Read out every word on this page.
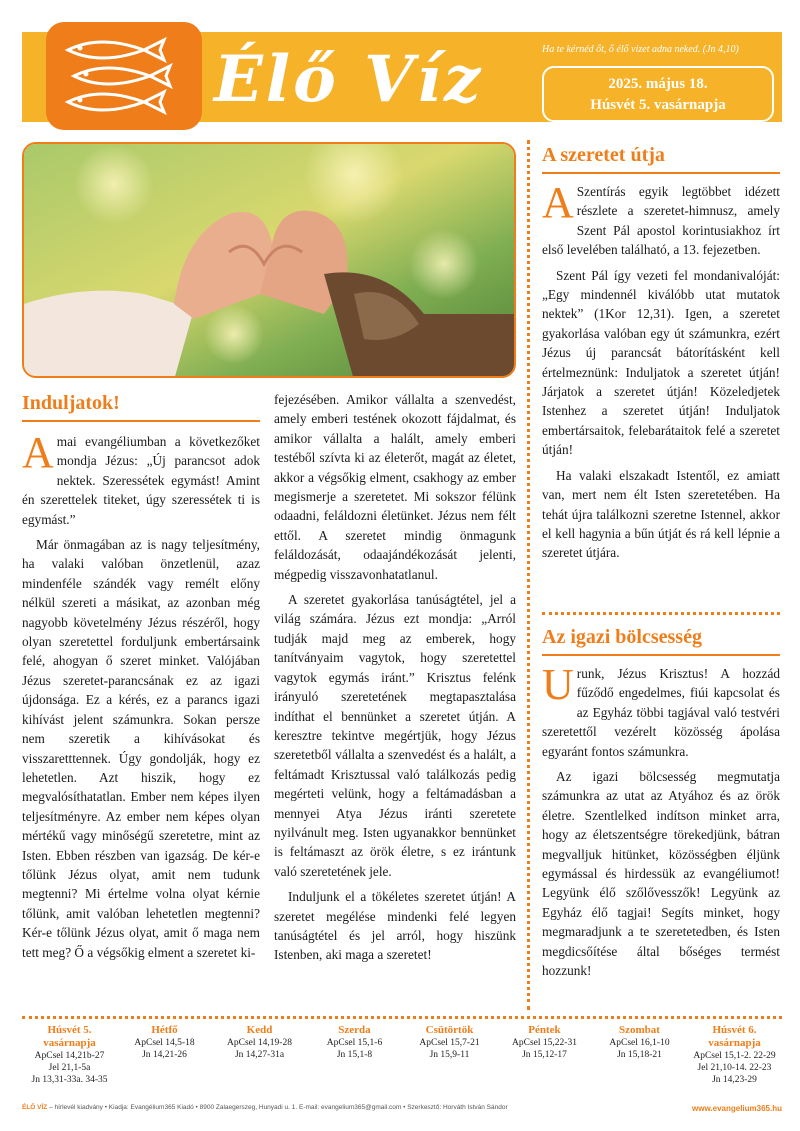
Élő Víz	Ha te kérnéd őt, ő élő vizet adna neked. (Jn 4,10)
2025. május 18.
Húsvét 5. vasárnapja
Induljatok!

Amai evangéliumban a következőket mondja Jézus: „Új parancsot adok nektek. Szeressétek egymást! Amint én szerettelek titeket, úgy szeressétek ti is egymást.”

Már önmagában az is nagy teljesítmény, ha valaki valóban önzetlenül, azaz mindenféle szándék vagy remélt előny nélkül szereti a másikat, az azonban még nagyobb követelmény Jézus részéről, hogy olyan szeretettel forduljunk embertársaink felé, ahogyan ő szeret minket. Valójában Jézus szeretet-parancsának ez az igazi újdonsága. Ez a kérés, ez a parancs igazi kihívást jelent számunkra. Sokan persze nem szeretik a kihívásokat és visszaretttennek. Úgy gondolják, hogy ez lehetetlen. Azt hiszik, hogy ez megvalósíthatatlan. Ember nem képes ilyen teljesítményre. Az ember nem képes olyan mértékű vagy minőségű szeretetre, mint az Isten. Ebben részben van igazság. De kér-e tőlünk Jézus olyat, amit nem tudunk megtenni? Mi értelme volna olyat kérnie tőlünk, amit valóban lehetetlen megtenni? Kér-e tőlünk Jézus olyat, amit ő maga nem tett meg? Ő a végsőkig elment a szeretet ki-

fejezésében. Amikor vállalta a szenvedést, amely emberi testének okozott fájdalmat, és amikor vállalta a halált, amely emberi testéből szívta ki az életerőt, magát az életet, akkor a végsőkig elment, csakhogy az ember megismerje a szeretetet. Mi sokszor félünk odaadni, feláldozni életünket. Jézus nem félt ettől. A szeretet mindig önmagunk feláldozását, odaajándékozását jelenti, mégpedig visszavonhatatlanul.

A szeretet gyakorlása tanúságtétel, jel a világ számára. Jézus ezt mondja: „Arról tudják majd meg az emberek, hogy tanítványaim vagytok, hogy szeretettel vagytok egymás iránt.” Krisztus felénk irányuló szeretetének megtapasztalása indíthat el bennünket a szeretet útján. A keresztre tekintve megértjük, hogy Jézus szeretetből vállalta a szenvedést és a halált, a feltámadt Krisztussal való találkozás pedig megérteti velünk, hogy a feltámadásban a mennyei Atya Jézus iránti szeretete nyilvánult meg. Isten ugyanakkor bennünket is feltámaszt az örök életre, s ez irántunk való szeretetének jele.

Induljunk el a tökéletes szeretet útján! A szeretet megélése mindenki felé legyen tanúságtétel és jel arról, hogy hiszünk Istenben, aki maga a szeretet!

A szeretet útja

ASzentírás egyik legtöbbet idézett részlete a szeretet-himnusz, amely Szent Pál apostol korintusiakhoz írt első levelében található, a 13. fejezetben.

Szent Pál így vezeti fel mondanivalóját: „Egy mindennél kiválóbb utat mutatok nektek” (1Kor 12,31). Igen, a szeretet gyakorlása valóban egy út számunkra, ezért Jézus új parancsát bátorításként kell értelmeznünk: Induljatok a szeretet útján! Járjatok a szeretet útján! Közeledjetek Istenhez a szeretet útján! Induljatok embertársaitok, felebarátaitok felé a szeretet útján!

Ha valaki elszakadt Istentől, ez amiatt van, mert nem élt Isten szeretetében. Ha tehát újra találkozni szeretne Istennel, akkor el kell hagynia a bűn útját és rá kell lépnie a szeretet útjára.

Az igazi bölcsesség

Urunk, Jézus Krisztus! A hozzád fűződő engedelmes, fiúi kapcsolat és az Egyház többi tagjával való testvéri szeretettől vezérelt közösség ápolása egyaránt fontos számunkra.

Az igazi bölcsesség megmutatja számunkra az utat az Atyához és az örök életre. Szentlelked indítson minket arra, hogy az életszentségre törekedjünk, bátran megvalljuk hitünket, közösségben éljünk egymással és hirdessük az evangéliumot! Legyünk élő szőlővesszők! Legyünk az Egyház élő tagjai! Segíts minket, hogy megmaradjunk a te szeretetedben, és Isten megdicsőítése által bőséges termést hozzunk!

Húsvét 5. vasárnapja
ApCsel 14,21b-27
Jel 21,1-5a
Jn 13,31-33a. 34-35
Hétfő
ApCsel 14,5-18
Jn 14,21-26
Kedd
ApCsel 14,19-28
Jn 14,27-31a
Szerda
ApCsel 15,1-6
Jn 15,1-8
Csütörtök
ApCsel 15,7-21
Jn 15,9-11
Péntek
ApCsel 15,22-31
Jn 15,12-17
Szombat
ApCsel 16,1-10
Jn 15,18-21
Húsvét 6. vasárnapja
ApCsel 15,1-2. 22-29
Jel 21,10-14. 22-23
Jn 14,23-29
ÉLŐ VÍZ – hírlevél kiadvány • Kiadja: Evangélium365 Kiadó • 8900 Zalaegerszeg, Hunyadi u. 1. E-mail: evangelium365@gmail.com • Szerkesztő: Horváth István Sándor	www.evangelium365.hu
